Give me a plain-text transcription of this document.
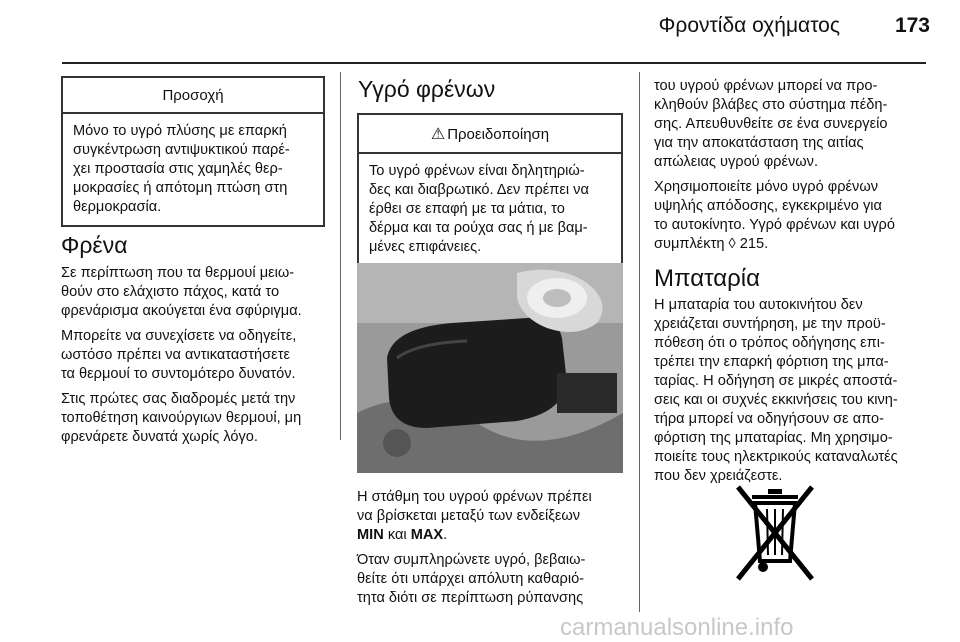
Φροντίδα οχήματος	173
Προσοχή
Μόνο το υγρό πλύσης με επαρκή
συγκέντρωση αντιψυκτικού παρέ-
χει προστασία στις χαμηλές θερ-
μοκρασίες ή απότομη πτώση στη
θερμοκρασία.
Φρένα

Σε περίπτωση που τα θερμουί μειω-
θούν στο ελάχιστο πάχος, κατά το
φρενάρισμα ακούγεται ένα σφύριγμα.

Μπορείτε να συνεχίσετε να οδηγείτε,
ωστόσο πρέπει να αντικαταστήσετε
τα θερμουί το συντομότερο δυνατόν.

Στις πρώτες σας διαδρομές μετά την
τοποθέτηση καινούργιων θερμουί, μη
φρενάρετε δυνατά χωρίς λόγο.

Υγρό φρένων
⚠ Προειδοποίηση
Το υγρό φρένων είναι δηλητηριώ-
δες και διαβρωτικό. Δεν πρέπει να
έρθει σε επαφή με τα μάτια, το
δέρμα και τα ρούχα σας ή με βαμ-
μένες επιφάνειες.

Η στάθμη του υγρού φρένων πρέπει
να βρίσκεται μεταξύ των ενδείξεων
MIN και MAX.

Όταν συμπληρώνετε υγρό, βεβαιω-
θείτε ότι υπάρχει απόλυτη καθαριό-
τητα διότι σε περίπτωση ρύπανσης

του υγρού φρένων μπορεί να προ-
κληθούν βλάβες στο σύστημα πέδη-
σης. Απευθυνθείτε σε ένα συνεργείο
για την αποκατάσταση της αιτίας
απώλειας υγρού φρένων.

Χρησιμοποιείτε μόνο υγρό φρένων
υψηλής απόδοσης, εγκεκριμένο για
το αυτοκίνητο. Υγρό φρένων και υγρό
συμπλέκτη ◊ 215.

Μπαταρία

Η μπαταρία του αυτοκινήτου δεν
χρειάζεται συντήρηση, με την προϋ-
πόθεση ότι ο τρόπος οδήγησης επι-
τρέπει την επαρκή φόρτιση της μπα-
ταρίας. Η οδήγηση σε μικρές αποστά-
σεις και οι συχνές εκκινήσεις του κινη-
τήρα μπορεί να οδηγήσουν σε απο-
φόρτιση της μπαταρίας. Μη χρησιμο-
ποιείτε τους ηλεκτρικούς καταναλωτές
που δεν χρειάζεστε.

carmanualsonline.info
